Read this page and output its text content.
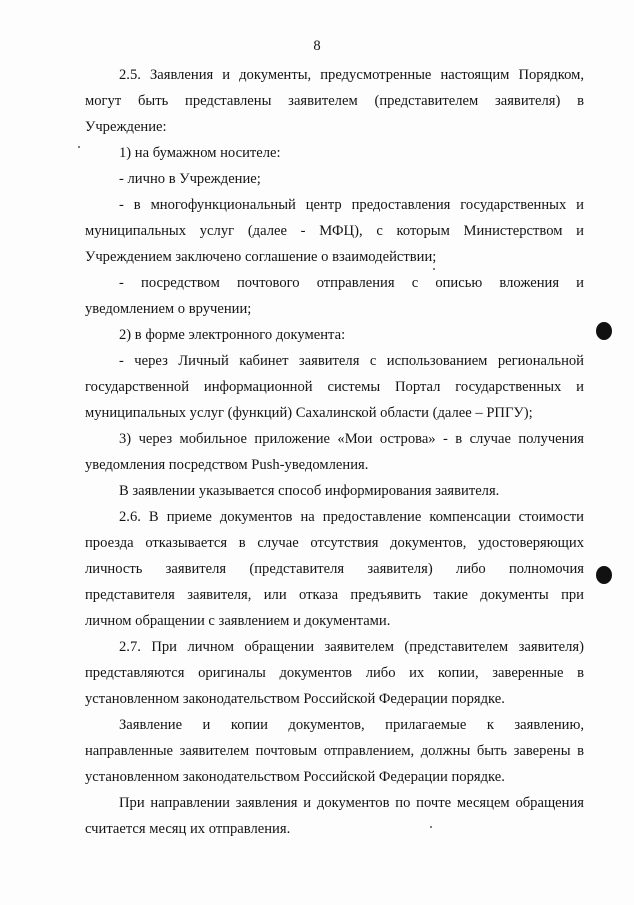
8
2.5. Заявления и документы, предусмотренные настоящим Порядком,
могут быть представлены заявителем (представителем заявителя) в
Учреждение:
1) на бумажном носителе:
- лично в Учреждение;
- в многофункциональный центр предоставления государственных и
муниципальных услуг (далее - МФЦ), с которым Министерством и
Учреждением заключено соглашение о взаимодействии;
- посредством почтового отправления с описью вложения и
уведомлением о вручении;
2) в форме электронного документа:
- через Личный кабинет заявителя с использованием региональной
государственной информационной системы Портал государственных и
муниципальных услуг (функций) Сахалинской области (далее – РПГУ);
3) через мобильное приложение «Мои острова» - в случае получения
уведомления посредством Push-уведомления.
В заявлении указывается способ информирования заявителя.
2.6. В приеме документов на предоставление компенсации стоимости
проезда отказывается в случае отсутствия документов, удостоверяющих
личность заявителя (представителя заявителя) либо полномочия
представителя заявителя, или отказа предъявить такие документы при
личном обращении с заявлением и документами.
2.7. При личном обращении заявителем (представителем заявителя)
представляются оригиналы документов либо их копии, заверенные в
установленном законодательством Российской Федерации порядке.
Заявление и копии документов, прилагаемые к заявлению,
направленные заявителем почтовым отправлением, должны быть заверены в
установленном законодательством Российской Федерации порядке.
При направлении заявления и документов по почте месяцем обращения
считается месяц их отправления.
